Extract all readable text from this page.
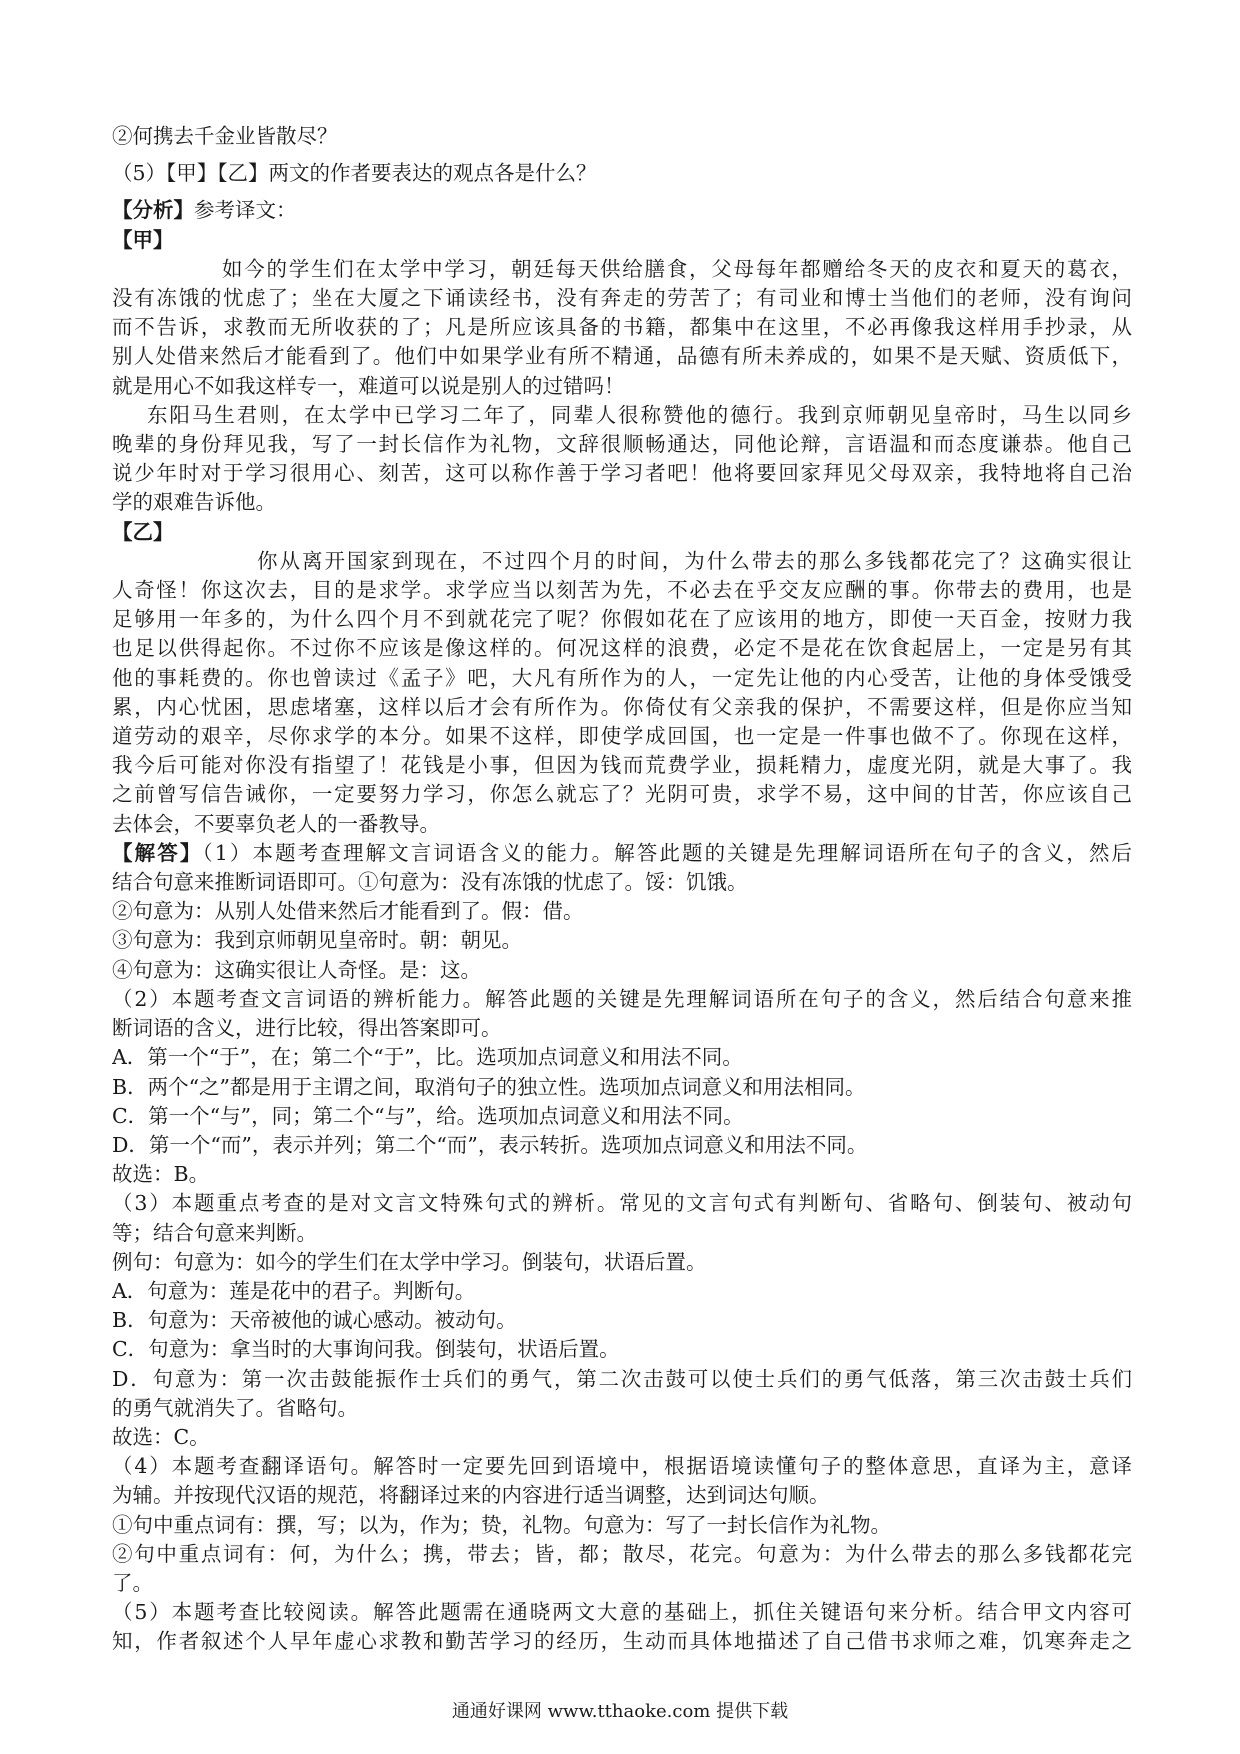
②何携去千金业皆散尽？
（5）【甲】【乙】两文的作者要表达的观点各是什么？
【分析】参考译文：
【甲】
如今的学生们在太学中学习，朝廷每天供给膳食，父母每年都赠给冬天的皮衣和夏天的葛衣，
没有冻饿的忧虑了；坐在大厦之下诵读经书，没有奔走的劳苦了；有司业和博士当他们的老师，没有询问
而不告诉，求教而无所收获的了；凡是所应该具备的书籍，都集中在这里，不必再像我这样用手抄录，从
别人处借来然后才能看到了。他们中如果学业有所不精通，品德有所未养成的，如果不是天赋、资质低下，
就是用心不如我这样专一，难道可以说是别人的过错吗！
东阳马生君则，在太学中已学习二年了，同辈人很称赞他的德行。我到京师朝见皇帝时，马生以同乡
晚辈的身份拜见我，写了一封长信作为礼物，文辞很顺畅通达，同他论辩，言语温和而态度谦恭。他自己
说少年时对于学习很用心、刻苦，这可以称作善于学习者吧！他将要回家拜见父母双亲，我特地将自己治
学的艰难告诉他。
【乙】
你从离开国家到现在，不过四个月的时间，为什么带去的那么多钱都花完了？这确实很让
人奇怪！你这次去，目的是求学。求学应当以刻苦为先，不必去在乎交友应酬的事。你带去的费用，也是
足够用一年多的，为什么四个月不到就花完了呢？你假如花在了应该用的地方，即使一天百金，按财力我
也足以供得起你。不过你不应该是像这样的。何况这样的浪费，必定不是花在饮食起居上，一定是另有其
他的事耗费的。你也曾读过《孟子》吧，大凡有所作为的人，一定先让他的内心受苦，让他的身体受饿受
累，内心忧困，思虑堵塞，这样以后才会有所作为。你倚仗有父亲我的保护，不需要这样，但是你应当知
道劳动的艰辛，尽你求学的本分。如果不这样，即使学成回国，也一定是一件事也做不了。你现在这样，
我今后可能对你没有指望了！花钱是小事，但因为钱而荒费学业，损耗精力，虚度光阴，就是大事了。我
之前曾写信告诫你，一定要努力学习，你怎么就忘了？光阴可贵，求学不易，这中间的甘苦，你应该自己
去体会，不要辜负老人的一番教导。
【解答】（1）本题考查理解文言词语含义的能力。解答此题的关键是先理解词语所在句子的含义，然后
结合句意来推断词语即可。①句意为：没有冻饿的忧虑了。馁：饥饿。
②句意为：从别人处借来然后才能看到了。假：借。
③句意为：我到京师朝见皇帝时。朝：朝见。
④句意为：这确实很让人奇怪。是：这。
（2）本题考查文言词语的辨析能力。解答此题的关键是先理解词语所在句子的含义，然后结合句意来推
断词语的含义，进行比较，得出答案即可。
A．第一个“于”，在；第二个“于”，比。选项加点词意义和用法不同。
B．两个“之”都是用于主谓之间，取消句子的独立性。选项加点词意义和用法相同。
C．第一个“与”，同；第二个“与”，给。选项加点词意义和用法不同。
D．第一个“而”，表示并列；第二个“而”，表示转折。选项加点词意义和用法不同。
故选：B。
（3）本题重点考查的是对文言文特殊句式的辨析。常见的文言句式有判断句、省略句、倒装句、被动句
等；结合句意来判断。
例句：句意为：如今的学生们在太学中学习。倒装句，状语后置。
A．句意为：莲是花中的君子。判断句。
B．句意为：天帝被他的诚心感动。被动句。
C．句意为：拿当时的大事询问我。倒装句，状语后置。
D．句意为：第一次击鼓能振作士兵们的勇气，第二次击鼓可以使士兵们的勇气低落，第三次击鼓士兵们
的勇气就消失了。省略句。
故选：C。
（4）本题考查翻译语句。解答时一定要先回到语境中，根据语境读懂句子的整体意思，直译为主，意译
为辅。并按现代汉语的规范，将翻译过来的内容进行适当调整，达到词达句顺。
①句中重点词有：撰，写；以为，作为；贽，礼物。句意为：写了一封长信作为礼物。
②句中重点词有：何，为什么；携，带去；皆，都；散尽，花完。句意为：为什么带去的那么多钱都花完
了。
（5）本题考查比较阅读。解答此题需在通晓两文大意的基础上，抓住关键语句来分析。结合甲文内容可
知，作者叙述个人早年虚心求教和勤苦学习的经历，生动而具体地描述了自己借书求师之难，饥寒奔走之
通通好课网 www.tthaoke.com 提供下载
